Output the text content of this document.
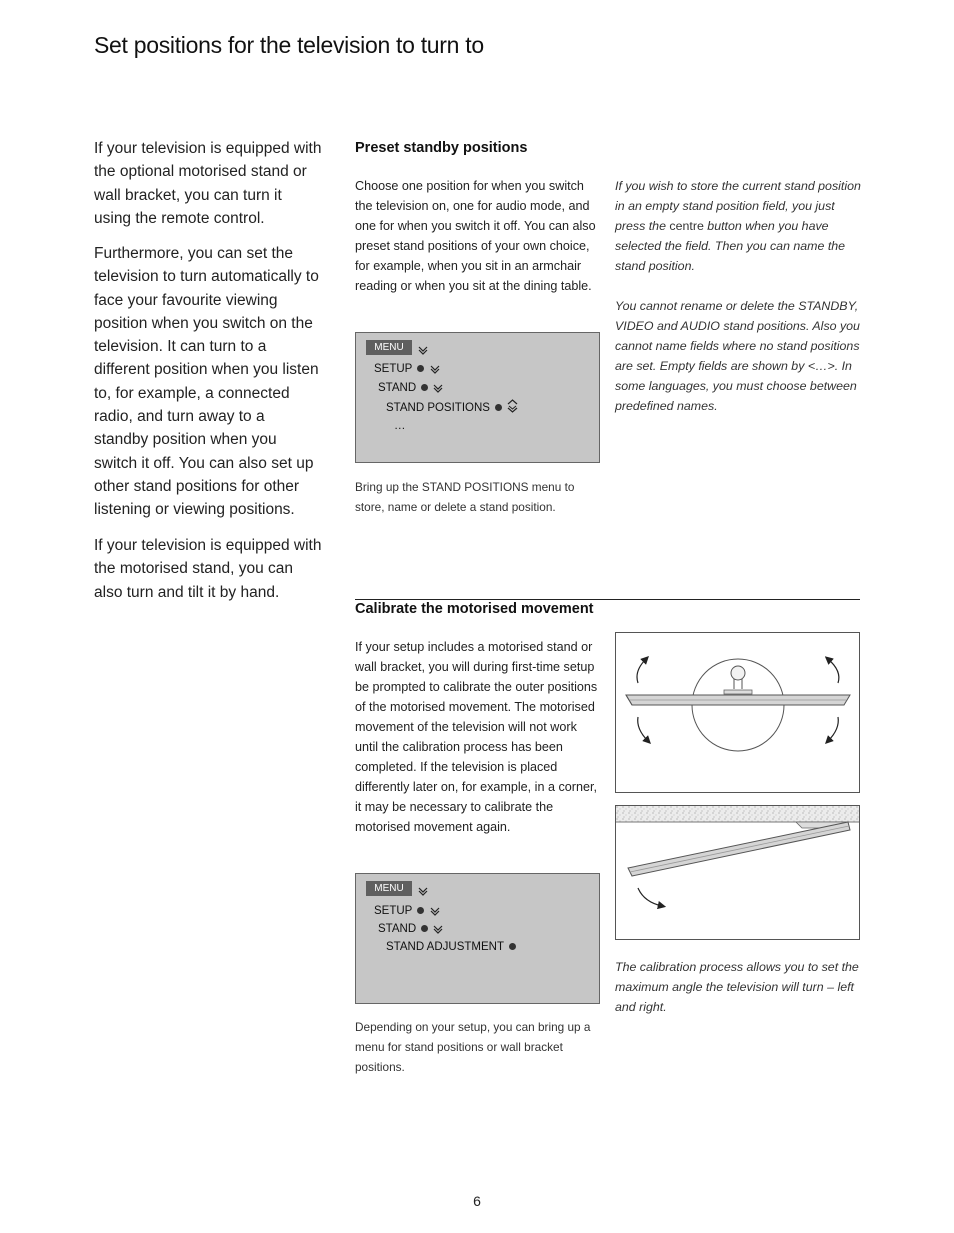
Set positions for the television to turn to

If your television is equipped with the optional motorised stand or wall bracket, you can turn it using the remote control.

Furthermore, you can set the television to turn automatically to face your favourite viewing position when you switch on the television. It can turn to a different position when you listen to, for example, a connected radio, and turn away to a standby position when you switch it off. You can also set up other stand positions for other listening or viewing positions.

If your television is equipped with the motorised stand, you can also turn and tilt it by hand.

Preset standby positions

Choose one position for when you switch the television on, one for audio mode, and one for when you switch it off. You can also preset stand positions of your own choice, for example, when you sit in an armchair reading or when you sit at the dining table.

If you wish to store the current stand position in an empty stand position field, you just press the centre button when you have selected the field. Then you can name the stand position.

You cannot rename or delete the STANDBY, VIDEO and AUDIO stand positions. Also you cannot name fields where no stand positions are set. Empty fields are shown by <…>. In some languages, you must choose between predefined names.

MENU
SETUP
STAND
STAND POSITIONS
…

Bring up the STAND POSITIONS menu to store, name or delete a stand position.

Calibrate the motorised movement

If your setup includes a motorised stand or wall bracket, you will during first-time setup be prompted to calibrate the outer positions of the motorised movement. The motorised movement of the television will not work until the calibration process has been completed. If the television is placed differently later on, for example, in a corner, it may be necessary to calibrate the motorised movement again.

MENU
SETUP
STAND
STAND ADJUSTMENT

Depending on your setup, you can bring up a menu for stand positions or wall bracket positions.

The calibration process allows you to set the maximum angle the television will turn – left and right.

6
